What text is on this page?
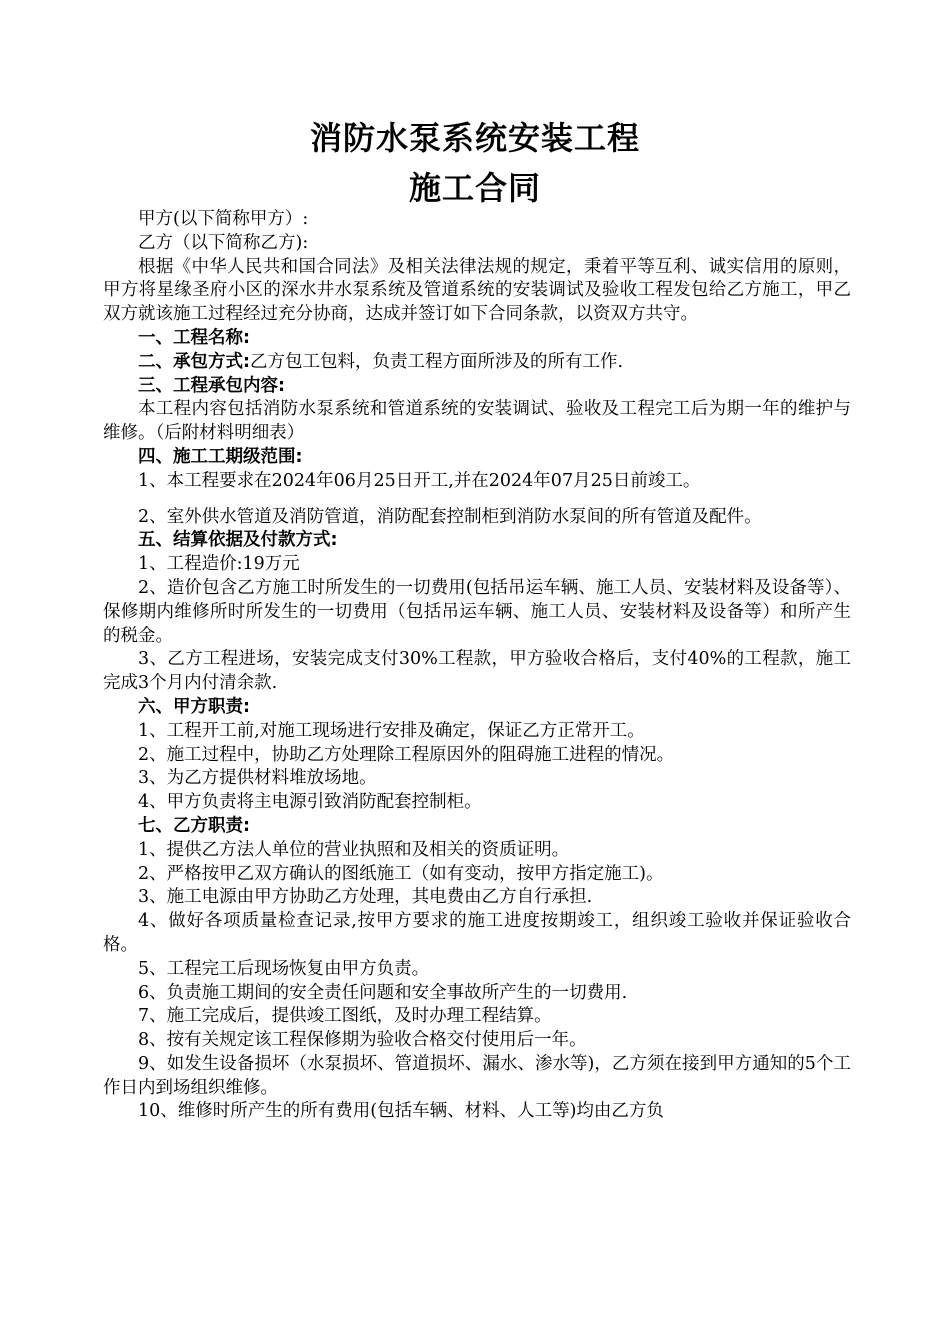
消防水泵系统安装工程
施工合同

甲方(以下简称甲方）:

乙方（以下简称乙方):

根据《中华人民共和国合同法》及相关法律法规的规定，秉着平等互利、诚实信用的原则，甲方将星缘圣府小区的深水井水泵系统及管道系统的安装调试及验收工程发包给乙方施工，甲乙双方就该施工过程经过充分协商，达成并签订如下合同条款，以资双方共守。

一、工程名称:

二、承包方式:乙方包工包料，负责工程方面所涉及的所有工作.

三、工程承包内容:

本工程内容包括消防水泵系统和管道系统的安装调试、验收及工程完工后为期一年的维护与维修。（后附材料明细表）

四、施工工期级范围:

1、本工程要求在2024年06月25日开工,并在2024年07月25日前竣工。

2、室外供水管道及消防管道，消防配套控制柜到消防水泵间的所有管道及配件。

五、结算依据及付款方式:

1、工程造价:19万元

2、造价包含乙方施工时所发生的一切费用(包括吊运车辆、施工人员、安装材料及设备等）、保修期内维修所时所发生的一切费用（包括吊运车辆、施工人员、安装材料及设备等）和所产生的税金。

3、乙方工程进场，安装完成支付30%工程款，甲方验收合格后，支付40%的工程款，施工完成3个月内付清余款.

六、甲方职责:

1、工程开工前,对施工现场进行安排及确定，保证乙方正常开工。

2、施工过程中，协助乙方处理除工程原因外的阻碍施工进程的情况。

3、为乙方提供材料堆放场地。

4、甲方负责将主电源引致消防配套控制柜。

七、乙方职责:

1、提供乙方法人单位的营业执照和及相关的资质证明。

2、严格按甲乙双方确认的图纸施工（如有变动，按甲方指定施工)。

3、施工电源由甲方协助乙方处理，其电费由乙方自行承担.

4、做好各项质量检查记录,按甲方要求的施工进度按期竣工，组织竣工验收并保证验收合格。

5、工程完工后现场恢复由甲方负责。

6、负责施工期间的安全责任问题和安全事故所产生的一切费用.

7、施工完成后，提供竣工图纸，及时办理工程结算。

8、按有关规定该工程保修期为验收合格交付使用后一年。

9、如发生设备损坏（水泵损坏、管道损坏、漏水、渗水等)，乙方须在接到甲方通知的5个工作日内到场组织维修。

10、维修时所产生的所有费用(包括车辆、材料、人工等)均由乙方负
